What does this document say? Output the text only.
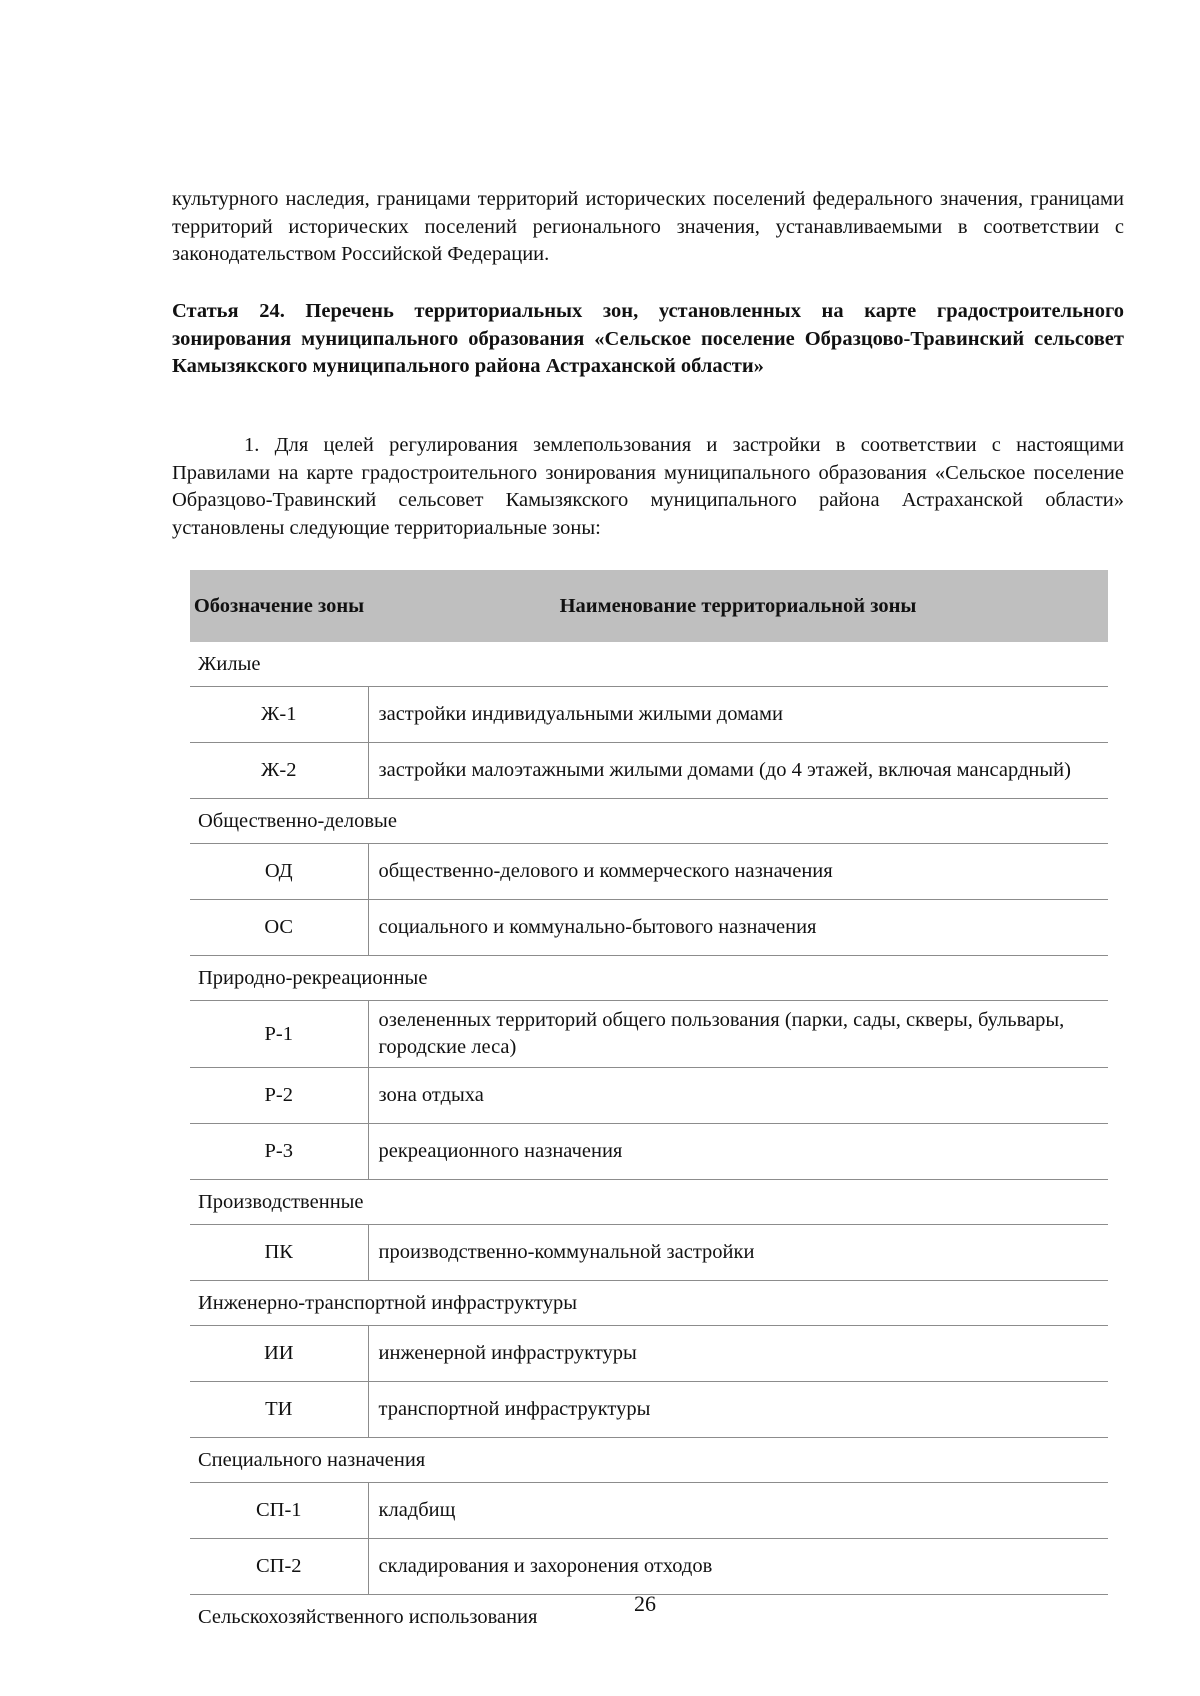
культурного наследия, границами территорий исторических поселений федерального значения, границами территорий исторических поселений регионального значения, устанавливаемыми в соответствии с законодательством Российской Федерации.
Статья 24. Перечень территориальных зон, установленных на карте градостроительного зонирования муниципального образования «Сельское поселение Образцово-Травинский сельсовет Камызякского муниципального района Астраханской области»
1. Для целей регулирования землепользования и застройки в соответствии с настоящими Правилами на карте градостроительного зонирования муниципального образования «Сельское поселение Образцово-Травинский сельсовет Камызякского муниципального района Астраханской области» установлены следующие территориальные зоны:
Обозначение зоны	Наименование территориальной зоны
Жилые	
Ж-1	застройки индивидуальными жилыми домами
Ж-2	застройки малоэтажными жилыми домами (до 4 этажей, включая мансардный)
Общественно-деловые	
ОД	общественно-делового и коммерческого назначения
ОС	социального и коммунально-бытового назначения
Природно-рекреационные	
Р-1	озелененных территорий общего пользования (парки, сады, скверы, бульвары, городские леса)
Р-2	зона отдыха
Р-3	рекреационного назначения
Производственные	
ПК	производственно-коммунальной застройки
Инженерно-транспортной инфраструктуры	
ИИ	инженерной инфраструктуры
ТИ	транспортной инфраструктуры
Специального назначения	
СП-1	кладбищ
СП-2	складирования и захоронения отходов
Сельскохозяйственного использования	
26
